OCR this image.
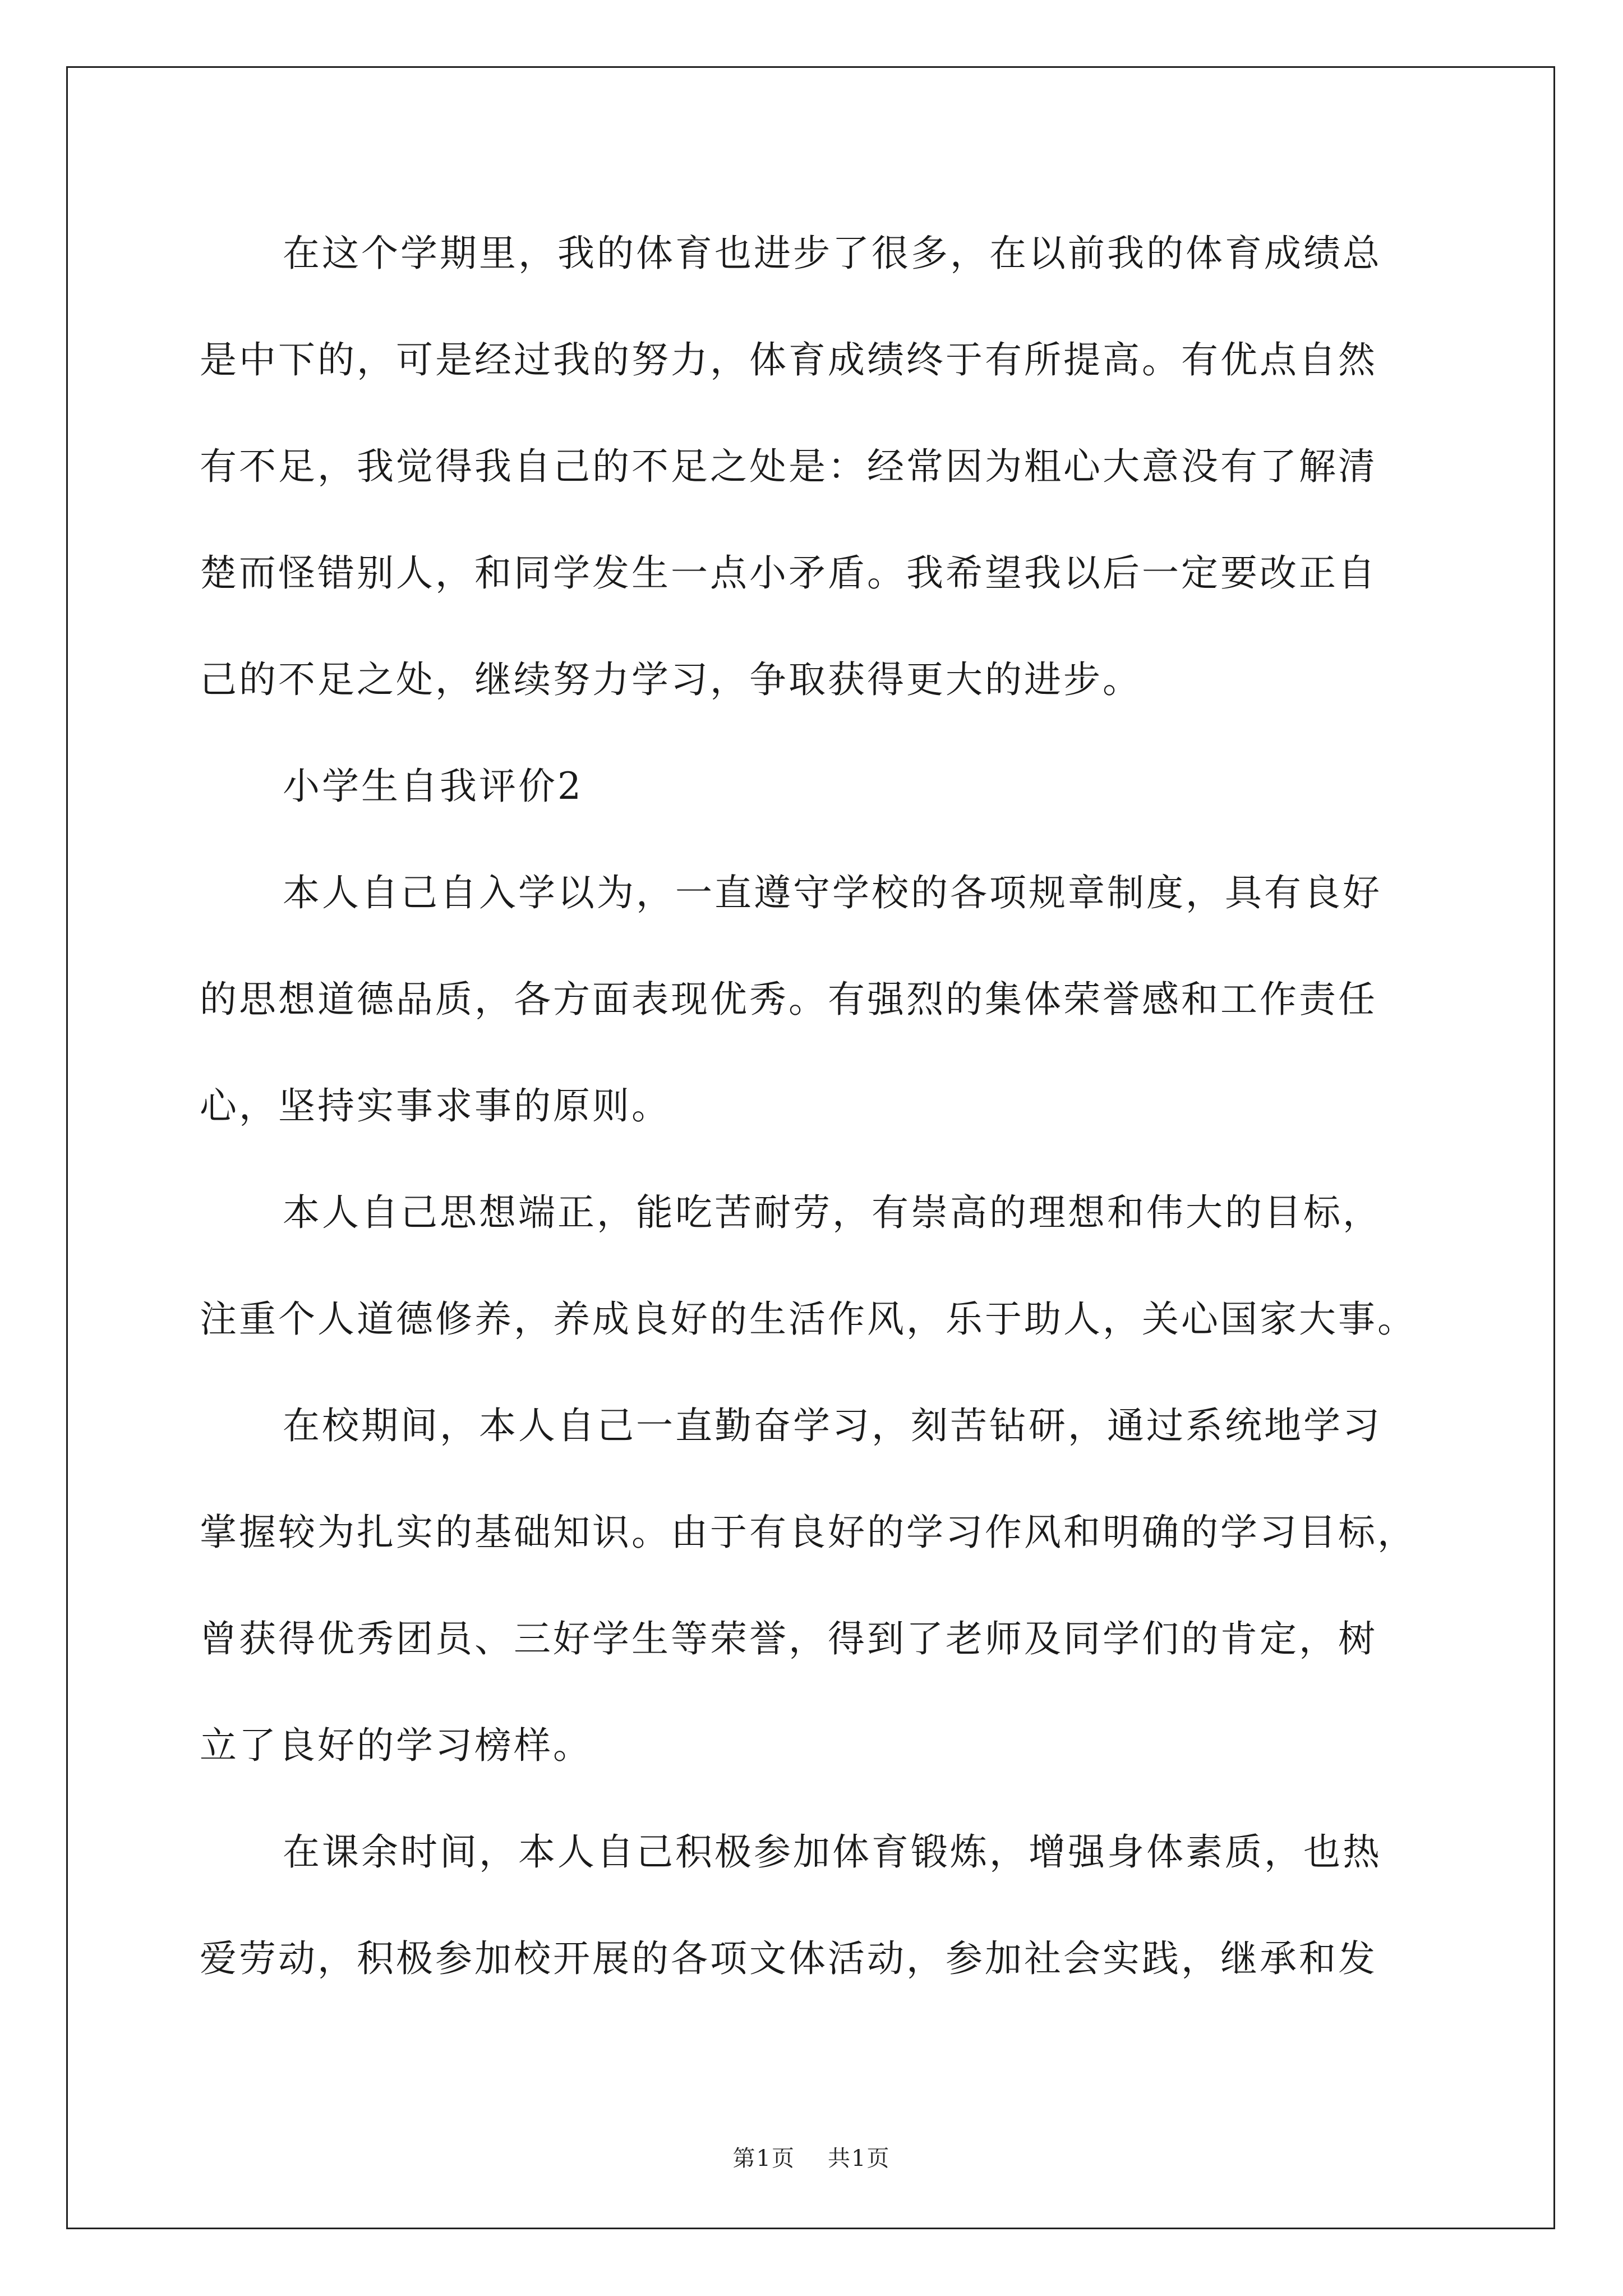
在这个学期里，我的体育也进步了很多，在以前我的体育成绩总
是中下的，可是经过我的努力，体育成绩终于有所提高。有优点自然
有不足，我觉得我自己的不足之处是：经常因为粗心大意没有了解清
楚而怪错别人，和同学发生一点小矛盾。我希望我以后一定要改正自
己的不足之处，继续努力学习，争取获得更大的进步。
小学生自我评价2
本人自己自入学以为，一直遵守学校的各项规章制度，具有良好
的思想道德品质，各方面表现优秀。有强烈的集体荣誉感和工作责任
心，坚持实事求事的原则。
本人自己思想端正，能吃苦耐劳，有崇高的理想和伟大的目标，
注重个人道德修养，养成良好的生活作风，乐于助人，关心国家大事。
在校期间，本人自己一直勤奋学习，刻苦钻研，通过系统地学习
掌握较为扎实的基础知识。由于有良好的学习作风和明确的学习目标，
曾获得优秀团员、三好学生等荣誉，得到了老师及同学们的肯定，树
立了良好的学习榜样。
在课余时间，本人自己积极参加体育锻炼，增强身体素质，也热
爱劳动，积极参加校开展的各项文体活动，参加社会实践，继承和发
第1页 共1页
